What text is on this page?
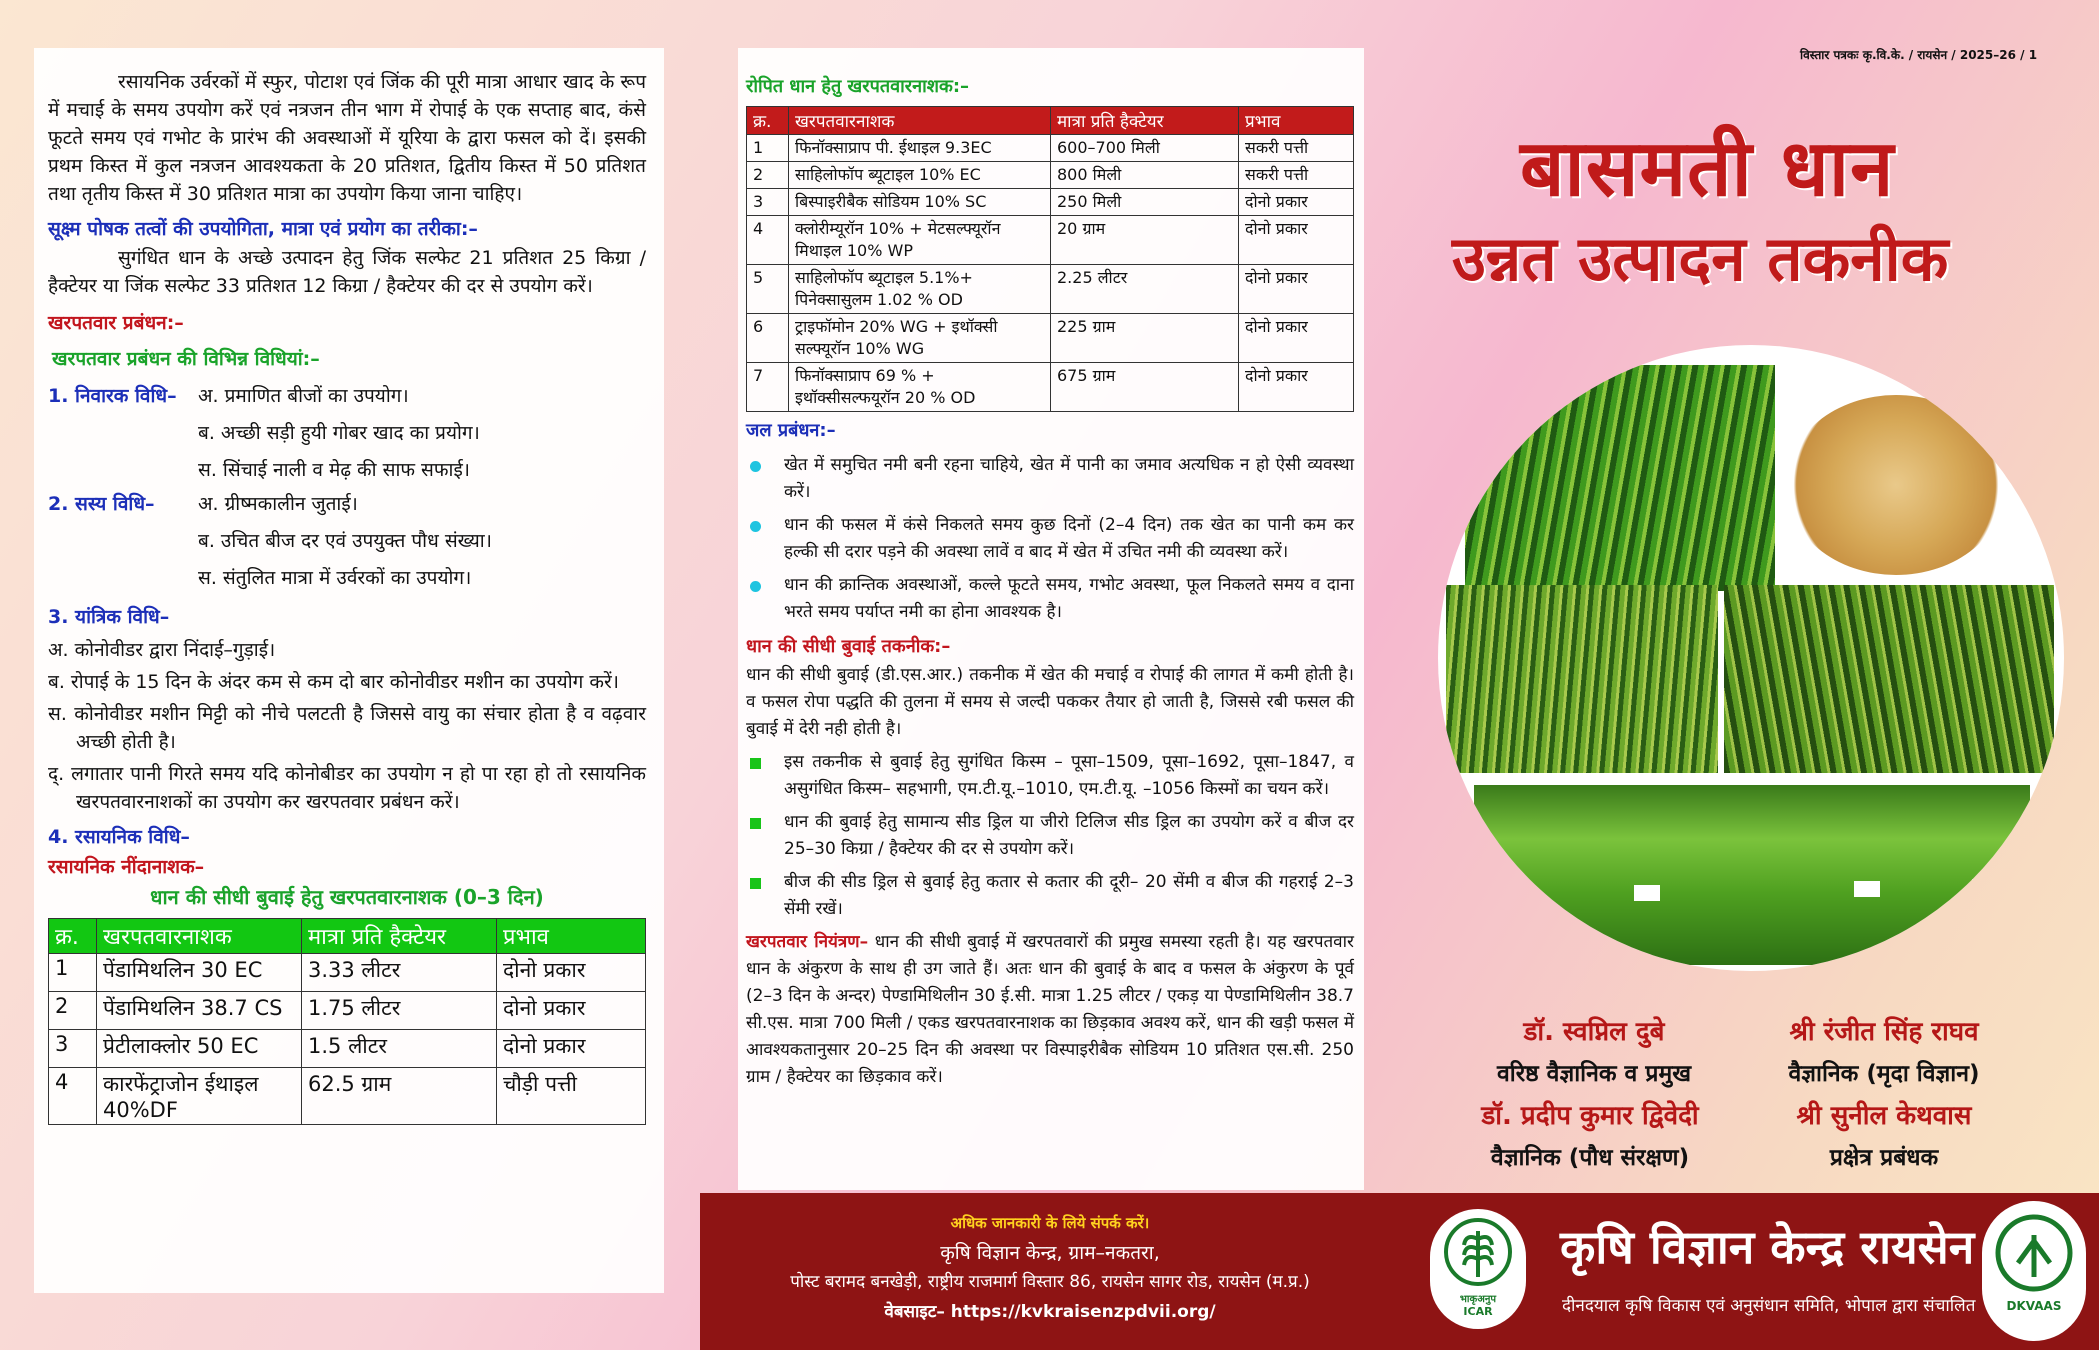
रसायनिक उर्वरकों में स्फुर, पोटाश एवं जिंक की पूरी मात्रा आधार खाद के रूप में मचाई के समय उपयोग करें एवं नत्रजन तीन भाग में रोपाई के एक सप्ताह बाद, कंसे फूटते समय एवं गभोट के प्रारंभ की अवस्थाओं में यूरिया के द्वारा फसल को दें। इसकी प्रथम किस्त में कुल नत्रजन आवश्यकता के 20 प्रतिशत, द्वितीय किस्त में 50 प्रतिशत तथा तृतीय किस्त में 30 प्रतिशत मात्रा का उपयोग किया जाना चाहिए।

सूक्ष्म पोषक तत्वों की उपयोगिता, मात्रा एवं प्रयोग का तरीका:–

सुगंधित धान के अच्छे उत्पादन हेतु जिंक सल्फेट 21 प्रतिशत 25 किग्रा / हैक्टेयर या जिंक सल्फेट 33 प्रतिशत 12 किग्रा / हैक्टेयर की दर से उपयोग करें।

खरपतवार प्रबंधन:–
खरपतवार प्रबंधन की विभिन्न विधियां:–
1. निवारक विधि–	अ. प्रमाणित बीजों का उपयोग।
ब. अच्छी सड़ी हुयी गोबर खाद का प्रयोग।
स. सिंचाई नाली व मेढ़ की साफ सफाई।
2. सस्य विधि–	अ. ग्रीष्मकालीन जुताई।
ब. उचित बीज दर एवं उपयुक्त पौध संख्या।
स. संतुलित मात्रा में उर्वरकों का उपयोग।
3. यांत्रिक विधि–
अ. कोनोवीडर द्वारा निंदाई–गुड़ाई।
ब. रोपाई के 15 दिन के अंदर कम से कम दो बार कोनोवीडर मशीन का उपयोग करें।
स. कोनोवीडर मशीन मिट्टी को नीचे पलटती है जिससे वायु का संचार होता है व वढ़वार अच्छी होती है।
द्. लगातार पानी गिरते समय यदि कोनोबीडर का उपयोग न हो पा रहा हो तो रसायनिक खरपतवारनाशकों का उपयोग कर खरपतवार प्रबंधन करें।
4. रसायनिक विधि–
रसायनिक नींदानाशक–
धान की सीधी बुवाई हेतु खरपतवारनाशक (0–3 दिन)
क्र.	खरपतवारनाशक	मात्रा प्रति हैक्टेयर	प्रभाव
1	पेंडामिथलिन 30 EC	3.33 लीटर	दोनो प्रकार
2	पेंडामिथलिन 38.7 CS	1.75 लीटर	दोनो प्रकार
3	प्रेटीलाक्लोर 50 EC	1.5 लीटर	दोनो प्रकार
4	कारफेंट्राजोन ईथाइल 40%DF	62.5 ग्राम	चौड़ी पत्ती
रोपित धान हेतु खरपतवारनाशक:–
क्र.	खरपतवारनाशक	मात्रा प्रति हैक्टेयर	प्रभाव
1	फिनॉक्साप्राप पी. ईथाइल 9.3EC	600–700 मिली	सकरी पत्ती
2	साहिलोफॉप ब्यूटाइल 10% EC	800 मिली	सकरी पत्ती
3	बिस्पाइरीबैक सोडियम 10% SC	250 मिली	दोनो प्रकार
4	क्लोरीम्यूरॉन 10% + मेटसल्फ्यूरॉन मिथाइल 10% WP	20 ग्राम	दोनो प्रकार
5	साहिलोफॉप ब्यूटाइल 5.1%+ पिनेक्सासुलम 1.02 % OD	2.25 लीटर	दोनो प्रकार
6	ट्राइफॉमोन 20% WG + इथॉक्सी सल्फ्यूरॉन 10% WG	225 ग्राम	दोनो प्रकार
7	फिनॉक्साप्राप 69 % + इथॉक्सीसल्फयूरॉन 20 % OD	675 ग्राम	दोनो प्रकार
जल प्रबंधन:–
खेत में समुचित नमी बनी रहना चाहिये, खेत में पानी का जमाव अत्यधिक न हो ऐसी व्यवस्था करें।
धान की फसल में कंसे निकलते समय कुछ दिनों (2–4 दिन) तक खेत का पानी कम कर हल्की सी दरार पड़ने की अवस्था लावें व बाद में खेत में उचित नमी की व्यवस्था करें।
धान की क्रान्तिक अवस्थाओं, कल्ले फूटते समय, गभोट अवस्था, फूल निकलते समय व दाना भरते समय पर्याप्त नमी का होना आवश्यक है।
धान की सीधी बुवाई तकनीक:–

धान की सीधी बुवाई (डी.एस.आर.) तकनीक में खेत की मचाई व रोपाई की लागत में कमी होती है। व फसल रोपा पद्धति की तुलना में समय से जल्दी पककर तैयार हो जाती है, जिससे रबी फसल की बुवाई में देरी नही होती है।

इस तकनीक से बुवाई हेतु सुगंधित किस्म – पूसा–1509, पूसा–1692, पूसा–1847, व असुगंधित किस्म– सहभागी, एम.टी.यू.–1010, एम.टी.यू. –1056 किस्मों का चयन करें।
धान की बुवाई हेतु सामान्य सीड ड्रिल या जीरो टिलिज सीड ड्रिल का उपयोग करें व बीज दर 25–30 किग्रा / हैक्टेयर की दर से उपयोग करें।
बीज की सीड ड्रिल से बुवाई हेतु कतार से कतार की दूरी– 20 सेंमी व बीज की गहराई 2–3 सेंमी रखें।

खरपतवार नियंत्रण– धान की सीधी बुवाई में खरपतवारों की प्रमुख समस्या रहती है। यह खरपतवार धान के अंकुरण के साथ ही उग जाते हैं। अतः धान की बुवाई के बाद व फसल के अंकुरण के पूर्व (2–3 दिन के अन्दर) पेण्डामिथिलीन 30 ई.सी. मात्रा 1.25 लीटर / एकड़ या पेण्डामिथिलीन 38.7 सी.एस. मात्रा 700 मिली / एकड खरपतवारनाशक का छिड़काव अवश्य करें, धान की खड़ी फसल में आवश्यकतानुसार 20–25 दिन की अवस्था पर विस्पाइरीबैक सोडियम 10 प्रतिशत एस.सी. 250 ग्राम / हैक्टेयर का छिड़काव करें।

विस्तार पत्रकः कृ.वि.के. / रायसेन / 2025–26 / 1
बासमती धान
उन्नत उत्पादन तकनीक
डॉ. स्वप्निल दुबे
वरिष्ठ वैज्ञानिक व प्रमुख
श्री रंजीत सिंह राघव
वैज्ञानिक (मृदा विज्ञान)
डॉ. प्रदीप कुमार द्विवेदी
वैज्ञानिक (पौध संरक्षण)
श्री सुनील केथवास
प्रक्षेत्र प्रबंधक
अधिक जानकारी के लिये संपर्क करें।
कृषि विज्ञान केन्द्र, ग्राम–नकतरा,
पोस्ट बरामद बनखेड़ी, राष्ट्रीय राजमार्ग विस्तार 86, रायसेन सागर रोड, रायसेन (म.प्र.)
वेबसाइट– https://kvkraisenzpdvii.org/
भाकृअनुप
ICAR
कृषि विज्ञान केन्द्र रायसेन
दीनदयाल कृषि विकास एवं अनुसंधान समिति, भोपाल द्वारा संचालित	DKVAAS
